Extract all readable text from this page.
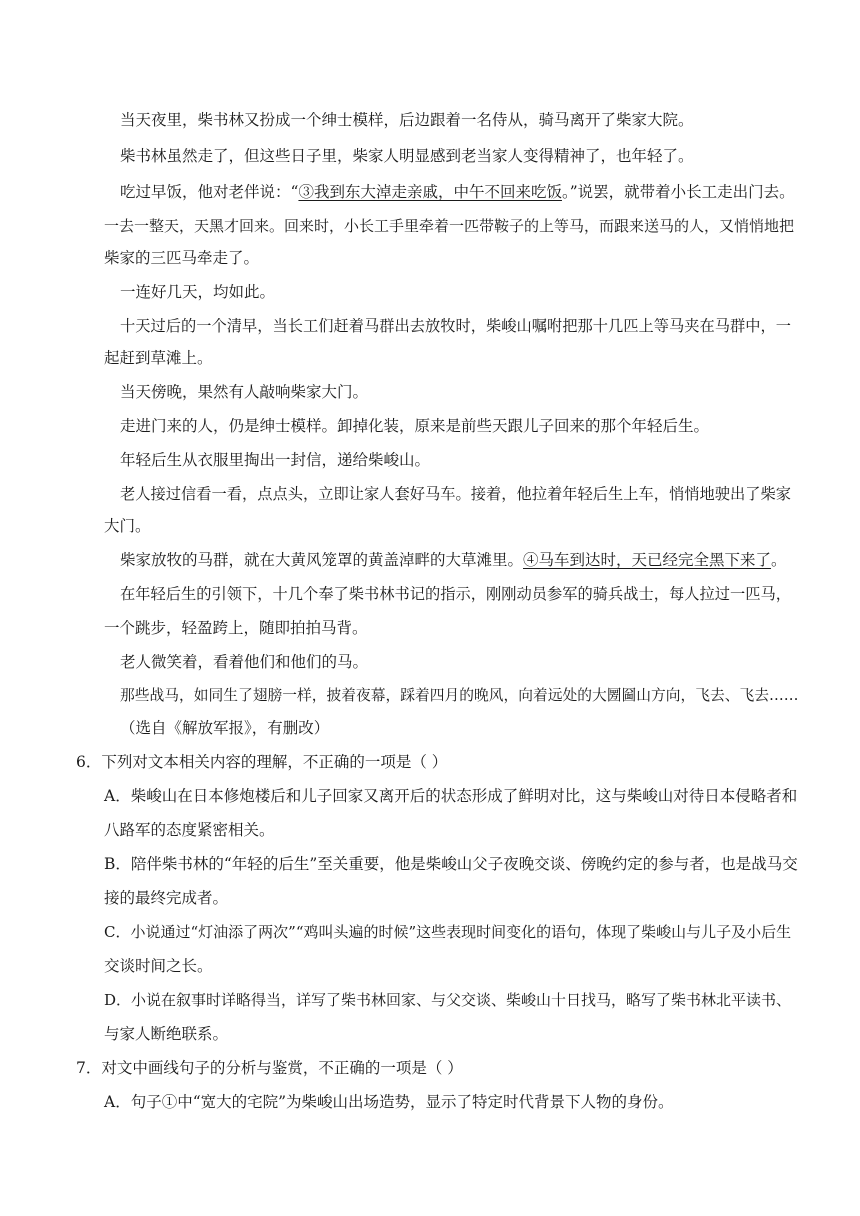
当天夜里，柴书林又扮成一个绅士模样，后边跟着一名侍从，骑马离开了柴家大院。

柴书林虽然走了，但这些日子里，柴家人明显感到老当家人变得精神了，也年轻了。

吃过早饭，他对老伴说：“③我到东大淖走亲戚，中午不回来吃饭。”说罢，就带着小长工走出门去。

一去一整天，天黑才回来。回来时，小长工手里牵着一匹带鞍子的上等马，而跟来送马的人，又悄悄地把

柴家的三匹马牵走了。

一连好几天，均如此。

十天过后的一个清早，当长工们赶着马群出去放牧时，柴峻山嘱咐把那十几匹上等马夹在马群中，一

起赶到草滩上。

当天傍晚，果然有人敲响柴家大门。

走进门来的人，仍是绅士模样。卸掉化装，原来是前些天跟儿子回来的那个年轻后生。

年轻后生从衣服里掏出一封信，递给柴峻山。

老人接过信看一看，点点头，立即让家人套好马车。接着，他拉着年轻后生上车，悄悄地驶出了柴家

大门。

柴家放牧的马群，就在大黄风笼罩的黄盖淖畔的大草滩里。④马车到达时，天已经完全黑下来了。

在年轻后生的引领下，十几个奉了柴书林书记的指示，刚刚动员参军的骑兵战士，每人拉过一匹马，

一个跳步，轻盈跨上，随即拍拍马背。

老人微笑着，看着他们和他们的马。

那些战马，如同生了翅膀一样，披着夜幕，踩着四月的晚风，向着远处的大圐圙山方向，飞去、飞去……

（选自《解放军报》，有删改）

6．下列对文本相关内容的理解，不正确的一项是（ ）

A．柴峻山在日本修炮楼后和儿子回家又离开后的状态形成了鲜明对比，这与柴峻山对待日本侵略者和

八路军的态度紧密相关。

B．陪伴柴书林的“年轻的后生”至关重要，他是柴峻山父子夜晚交谈、傍晚约定的参与者，也是战马交

接的最终完成者。

C．小说通过“灯油添了两次”“鸡叫头遍的时候”这些表现时间变化的语句，体现了柴峻山与儿子及小后生

交谈时间之长。

D．小说在叙事时详略得当，详写了柴书林回家、与父交谈、柴峻山十日找马，略写了柴书林北平读书、

与家人断绝联系。

7．对文中画线句子的分析与鉴赏，不正确的一项是（ ）

A．句子①中“宽大的宅院”为柴峻山出场造势，显示了特定时代背景下人物的身份。
